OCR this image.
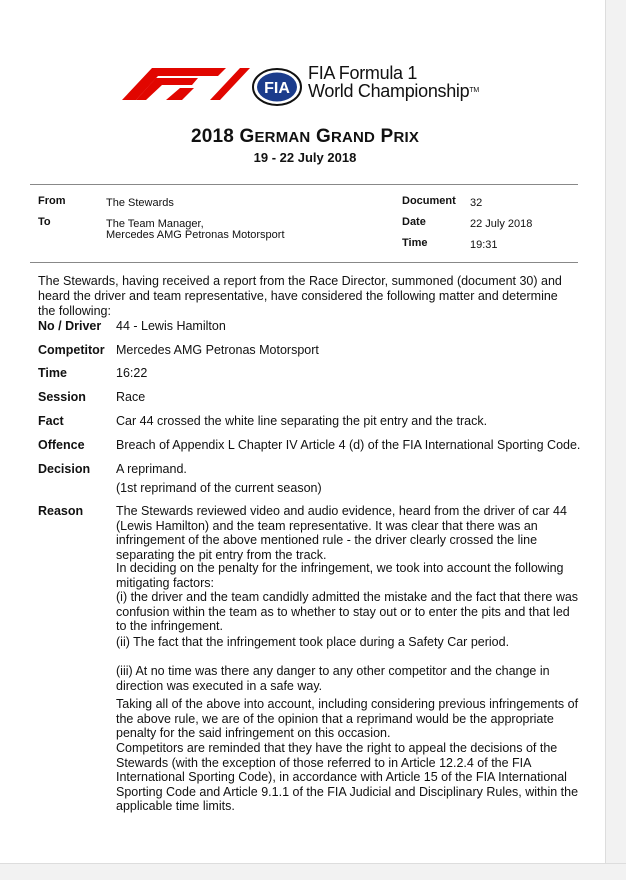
FIA
FIA Formula 1
World ChampionshipTM
2018 GERMAN GRAND PRIX
19 - 22 July 2018
From	The Stewards
To	The Team Manager,
Mercedes AMG Petronas Motorsport
Document 32
Date	22 July 2018
Time	19:31
The Stewards, having received a report from the Race Director, summoned (document 30) and heard the driver and team representative, have considered the following matter and determine the following:
No / Driver 44 - Lewis Hamilton
Competitor Mercedes AMG Petronas Motorsport
Time	16:22
Session Race
Fact	Car 44 crossed the white line separating the pit entry and the track.
Offence	Breach of Appendix L Chapter IV Article 4 (d) of the FIA International Sporting Code.
Decision A reprimand.
(1st reprimand of the current season)
Reason	The Stewards reviewed video and audio evidence, heard from the driver of car 44 (Lewis Hamilton) and the team representative. It was clear that there was an infringement of the above mentioned rule - the driver clearly crossed the line separating the pit entry from the track.
In deciding on the penalty for the infringement, we took into account the following mitigating factors:
(i) the driver and the team candidly admitted the mistake and the fact that there was confusion within the team as to whether to stay out or to enter the pits and that led to the infringement.
(ii) The fact that the infringement took place during a Safety Car period.
(iii) At no time was there any danger to any other competitor and the change in direction was executed in a safe way.
Taking all of the above into account, including considering previous infringements of the above rule, we are of the opinion that a reprimand would be the appropriate penalty for the said infringement on this occasion.
Competitors are reminded that they have the right to appeal the decisions of the Stewards (with the exception of those referred to in Article 12.2.4 of the FIA International Sporting Code), in accordance with Article 15 of the FIA International Sporting Code and Article 9.1.1 of the FIA Judicial and Disciplinary Rules, within the applicable time limits.
